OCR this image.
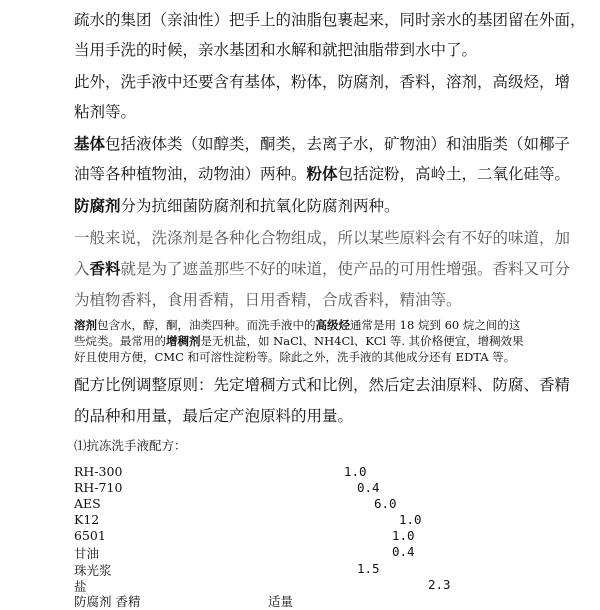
疏水的集团（亲油性）把手上的油脂包裹起来，同时亲水的基团留在外面，
当用手洗的时候，亲水基团和水解和就把油脂带到水中了。
此外，洗手液中还要含有基体，粉体，防腐剂，香料，溶剂，高级烃，增
粘剂等。
基体包括液体类（如醇类，酮类，去离子水，矿物油）和油脂类（如椰子
油等各种植物油，动物油）两种。粉体包括淀粉，高岭土，二氧化硅等。
防腐剂分为抗细菌防腐剂和抗氧化防腐剂两种。
一般来说，洗涤剂是各种化合物组成，所以某些原料会有不好的味道，加
入香料就是为了遮盖那些不好的味道，使产品的可用性增强。香料又可分
为植物香料，食用香精，日用香精，合成香料，精油等。
溶剂包含水，醇，酮，油类四种。而洗手液中的高级烃通常是用 18 烷到 60 烷之间的这
些烷类。最常用的增稠剂是无机盐，如 NaCl、NH4Cl、KCl 等. 其价格便宜，增稠效果
好且使用方便，CMC 和可溶性淀粉等。除此之外，洗手液的其他成分还有 EDTA 等。
配方比例调整原则：先定增稠方式和比例，然后定去油原料、防腐、香精
的品种和用量，最后定产泡原料的用量。
⑴抗冻洗手液配方：
RH-300	1.0
RH-710	0.4
AES	6.0
K12	1.0
6501	1.0
甘油	0.4
珠光浆	1.5
盐	2.3
防腐剂 香精	适量
